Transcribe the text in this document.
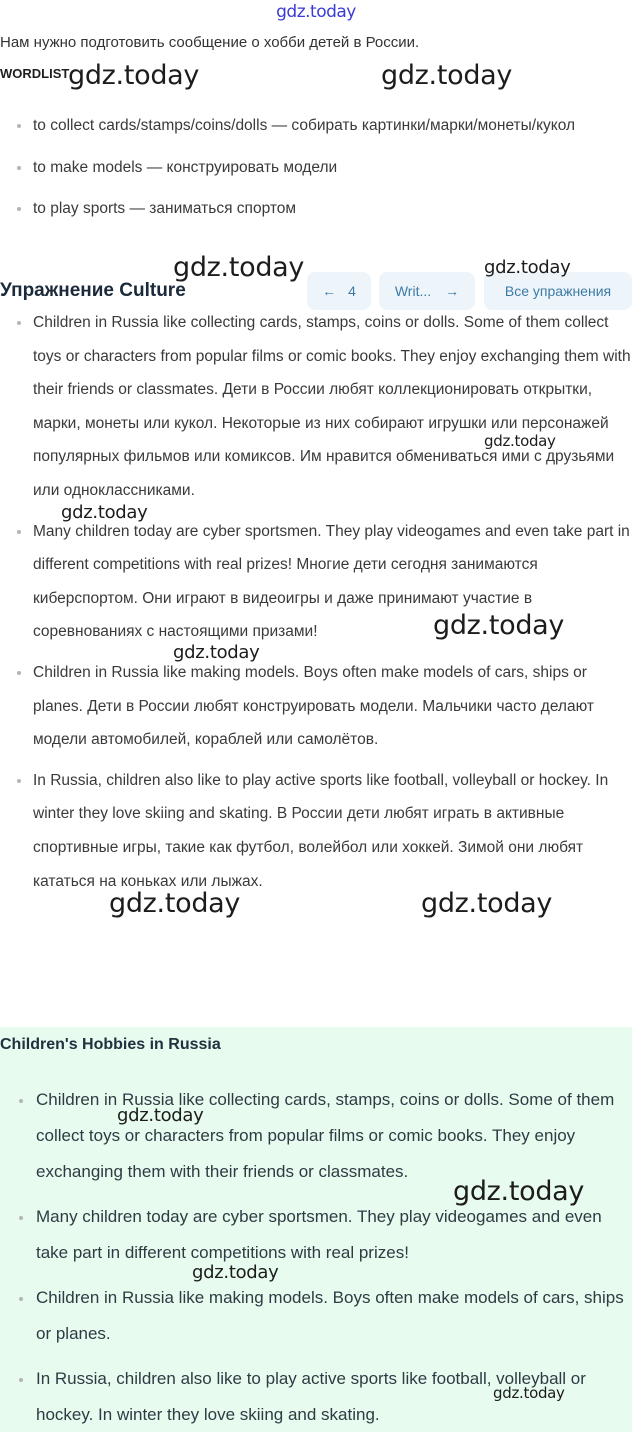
gdz.today
Нам нужно подготовить сообщение о хобби детей в России.
WORDLIST
to collect cards/stamps/coins/dolls — собирать картинки/марки/монеты/кукол
to make models — конструировать модели
to play sports — заниматься спортом
Children in Russia like collecting cards, stamps, coins or dolls. Some of them collect toys or characters from popular films or comic books. They enjoy exchanging them with their friends or classmates. Дети в России любят коллекционировать открытки, марки, монеты или кукол. Некоторые из них собирают игрушки или персонажей популярных фильмов или комиксов. Им нравится обмениваться ими с друзьями или одноклассниками.
Many children today are cyber sportsmen. They play videogames and even take part in different competitions with real prizes! Многие дети сегодня занимаются киберспортом. Они играют в видеоигры и даже принимают участие в соревнованиях с настоящими призами!
Children in Russia like making models. Boys often make models of cars, ships or planes. Дети в России любят конструировать модели. Мальчики часто делают модели автомобилей, кораблей или самолётов.
In Russia, children also like to play active sports like football, volleyball or hockey. In winter they love skiing and skating. В России дети любят играть в активные спортивные игры, такие как футбол, волейбол или хоккей. Зимой они любят кататься на коньках или лыжах.
Упражнение Culture	← 4	Writ... →	Все упражнения
Children's Hobbies in Russia
Children in Russia like collecting cards, stamps, coins or dolls. Some of them collect toys or characters from popular films or comic books. They enjoy exchanging them with their friends or classmates.
Many children today are cyber sportsmen. They play videogames and even take part in different competitions with real prizes!
Children in Russia like making models. Boys often make models of cars, ships or planes.
In Russia, children also like to play active sports like football, volleyball or hockey. In winter they love skiing and skating.
gdz.today	gdz.today
gdz.today	gdz.today
gdz.today
gdz.today
gdz.today
gdz.today
gdz.today	gdz.today
gdz.today
gdz.today
gdz.today
gdz.today
